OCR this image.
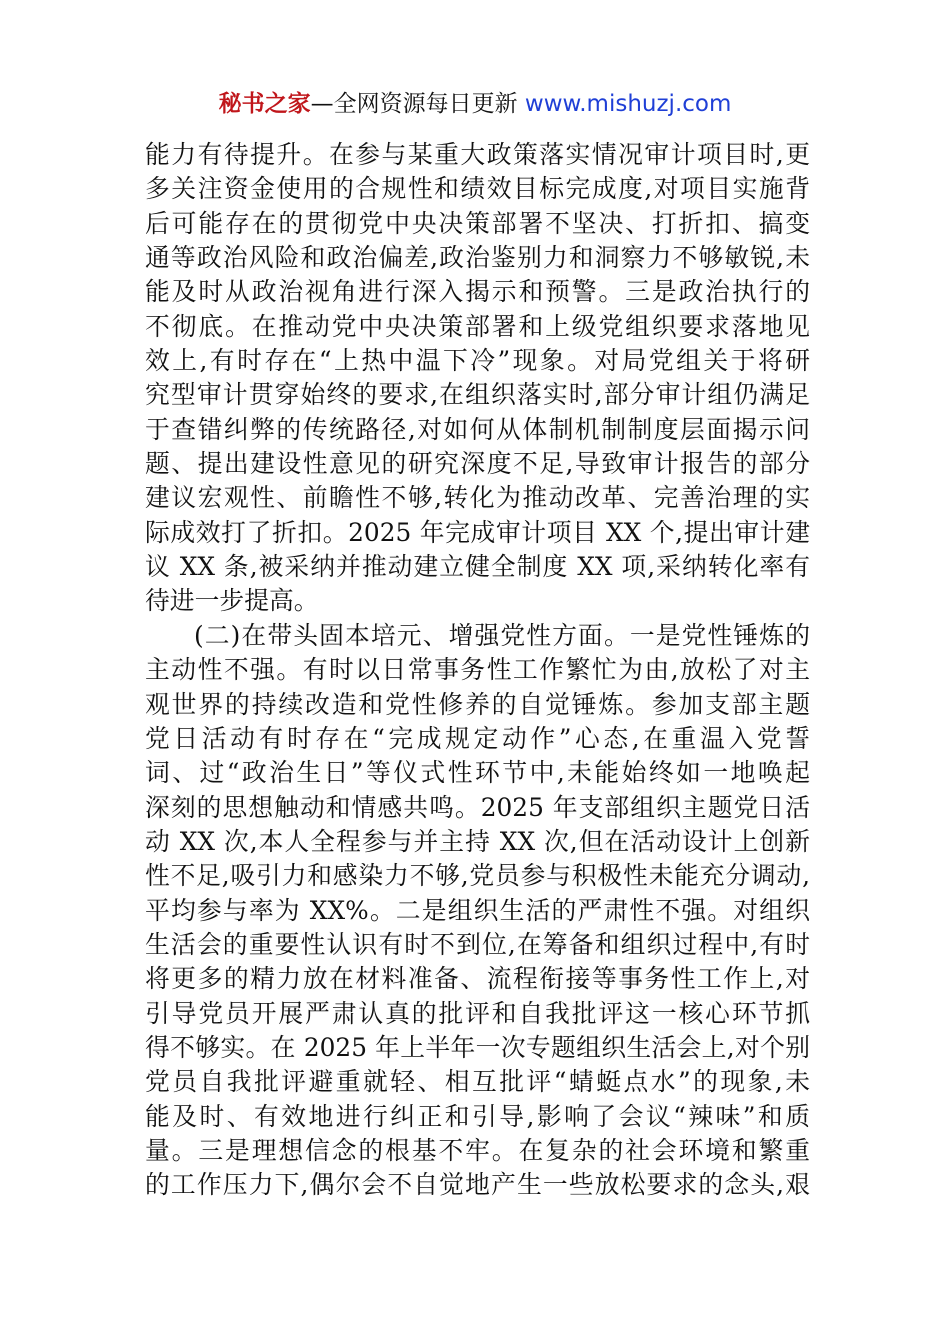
秘书之家—全网资源每日更新 www.mishuzj.com
能力有待提升。在参与某重大政策落实情况审计项目时,更
多关注资金使用的合规性和绩效目标完成度,对项目实施背
后可能存在的贯彻党中央决策部署不坚决、打折扣、搞变
通等政治风险和政治偏差,政治鉴别力和洞察力不够敏锐,未
能及时从政治视角进行深入揭示和预警。三是政治执行的
不彻底。在推动党中央决策部署和上级党组织要求落地见
效上,有时存在“上热中温下冷”现象。对局党组关于将研
究型审计贯穿始终的要求,在组织落实时,部分审计组仍满足
于查错纠弊的传统路径,对如何从体制机制制度层面揭示问
题、提出建设性意见的研究深度不足,导致审计报告的部分
建议宏观性、前瞻性不够,转化为推动改革、完善治理的实
际成效打了折扣。2025 年完成审计项目 XX 个,提出审计建
议 XX 条,被采纳并推动建立健全制度 XX 项,采纳转化率有
待进一步提高。
(二)在带头固本培元、增强党性方面。一是党性锤炼的
主动性不强。有时以日常事务性工作繁忙为由,放松了对主
观世界的持续改造和党性修养的自觉锤炼。参加支部主题
党日活动有时存在“完成规定动作”心态,在重温入党誓
词、过“政治生日”等仪式性环节中,未能始终如一地唤起
深刻的思想触动和情感共鸣。2025 年支部组织主题党日活
动 XX 次,本人全程参与并主持 XX 次,但在活动设计上创新
性不足,吸引力和感染力不够,党员参与积极性未能充分调动,
平均参与率为 XX%。二是组织生活的严肃性不强。对组织
生活会的重要性认识有时不到位,在筹备和组织过程中,有时
将更多的精力放在材料准备、流程衔接等事务性工作上,对
引导党员开展严肃认真的批评和自我批评这一核心环节抓
得不够实。在 2025 年上半年一次专题组织生活会上,对个别
党员自我批评避重就轻、相互批评“蜻蜓点水”的现象,未
能及时、有效地进行纠正和引导,影响了会议“辣味”和质
量。三是理想信念的根基不牢。在复杂的社会环境和繁重
的工作压力下,偶尔会不自觉地产生一些放松要求的念头,艰
